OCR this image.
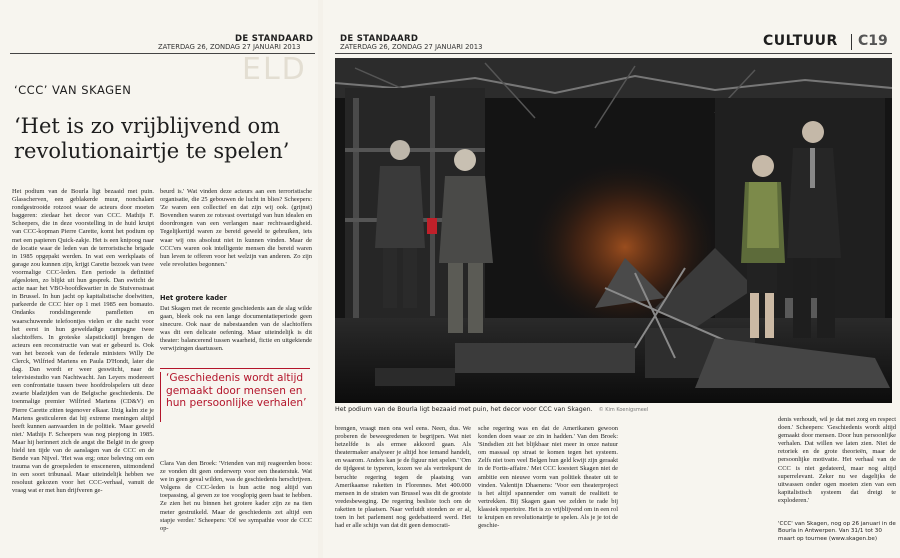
DE STANDAARD
ZATERDAG 26, ZONDAG 27 JANUARI 2013
ELD
‘CCC’ VAN SKAGEN
‘Het is zo vrijblijvend om revolutionairtje te spelen’

Het podium van de Bourla ligt bezaaid met puin. Glasscherven, een geblakerde muur, nonchalant rondgestrooide rotzooi waar de acteurs door moeten baggeren: ziedaar het decor van CCC. Mathijs F. Scheepers, die in deze voorstelling in de huid kruipt van CCC-kopman Pierre Carette, komt het podium op met een papieren Quick-zakje. Het is een knipoog naar de locatie waar de leden van de terroristische brigade in 1985 opgepakt werden. In wat een werkplaats of garage zou kunnen zijn, krijgt Carette bezoek van twee voormalige CCC-leden. Een periode is definitief afgesloten, zo blijkt uit hun gesprek. Dan switcht de actie naar het VBO-hoofdkwartier in de Stuiversstraat in Brussel. In hun jacht op kapitalistische doelwitten, parkeerde de CCC hier op 1 mei 1985 een bomauto. Ondanks rondslingerende pamfletten en waarschuwende telefoontjes vielen er die nacht voor het eerst in hun geweldadige campagne twee slachtoffers. In groteske slapstickstijl brengen de acteurs een reconstructie van wat er gebeurd is. Ook van het bezoek van de federale ministers Willy De Clerck, Wilfried Martens en Paula D'Hondt, later die dag. Dan wordt er weer geswitcht, naar de televisiestudio van Nachtwacht. Jan Leyers modereert een confrontatie tussen twee hoofdrolspelers uit deze zwarte bladzijden van de Belgische geschiedenis. De toenmalige premier Wilfried Martens (CD&V) en Pierre Carette zitten tegenover elkaar. IJzig kalm zie je Martens gesticuleren dat hij extreme meningen altijd heeft kunnen aanvaarden in de politiek. 'Maar geweld niet.' Mathijs F. Scheepers was nog piepjong in 1985. Maar hij herinnert zich de angst die België in de greep hield ten tijde van de aanslagen van de CCC en de Bende van Nijvel. 'Het was erg; onze beleving om een trauma van de groepsleden te ensceneren, uitmondend in een soort tribunaal. Maar uiteindelijk hebben we resoluut gekozen voor het CCC-verhaal, vanuit de vraag wat er met hun drijfveren ge-

beurd is.' Wat vinden deze acteurs aan een terroristische organisatie, die 25 gebouwen de lucht in blies? Scheepers: 'Ze waren een collectief en dat zijn wij ook. (grijnst) Bovendien waren ze rotsvast overtuigd van hun idealen en doordrongen van een verlangen naar rechtvaardigheid. Tegelijkertijd waren ze bereid geweld te gebruiken, iets waar wij ons absoluut niet in kunnen vinden. Maar de CCC'ers waren ook intelligente mensen die bereid waren hun leven te offeren voor het welzijn van anderen. Zo zijn vele revoluties begonnen.'

Het grotere kader

Dat Skagen met de recente geschiedenis aan de slag wilde gaan, bleek ook na een lange documentatieperiode geen sinecure. Ook naar de nabestaanden van de slachtoffers was dit een delicate oefening. Maar uiteindelijk is dit theater: balancerend tussen waarheid, fictie en uitgekiende verwijzingen daartussen.

‘Geschiedenis wordt altijd gemaakt door mensen en hun persoonlijke verhalen’

Clara Van den Broek: 'Vrienden van mij reageerden boos: ze vonden dit geen onderwerp voor een theaterstuk. Wat we in geen geval wilden, was de geschiedenis herschrijven. Volgens de CCC-leden is hun actie nog altijd van toepassing, al geven ze toe vooglopig geen baat te hebben. Ze zien het nu binnen het grotere kader zijn ze na tien meter gestruikeld. Maar de geschiedenis zet altijd een stapje verder.' Scheepers: 'Of we sympathie voor de CCC op-

DE STANDAARD
ZATERDAG 26, ZONDAG 27 JANUARI 2013	CULTUUR C19
Het podium van de Bourla ligt bezaaid met puin, het decor voor CCC van Skagen. © Kim Koenigsmeel

brengen, vraagt men ons wel eens. Neen, dus. We proberen de beweegredenen te begrijpen. Wat niet hetzelfde is als ermee akkoord gaan. Als theatermaker analyseer je altijd hoe iemand handelt, en waarom. Anders kan je de figuur niet spelen.' 'Om de tijdgeest te typeren, kozen we als vertrekpunt de beruchte regering tegen de plaatsing van Amerikaanse raketten in Florennes. Met 400.000 mensen in de straten van Brussel was dit de grootste vredesbeweging. De regering besliste toch om de raketten te plaatsen. Naar verluidt stonden ze er al, toen in het parlement nog gedebatteerd werd. Het had er alle schijn van dat dit geen democrati-

sche regering was en dat de Amerikanen gewoon konden doen waar ze zin in hadden.' Van den Broek: 'Sindsdien zit het blijkbaar niet meer in onze natuur om massaal op straat te komen tegen het systeem. Zelfs niet toen veel Belgen hun geld kwijt zijn geraakt in de Fortis-affaire.' Met CCC koestert Skagen niet de ambitie een nieuwe vorm van politiek theater uit te vinden. Valentijn Dhaenens: 'Voor een theaterproject is het altijd spannender om vanuit de realiteit te vertrekken. Bij Skagen gaan we zelden te rade bij klassiek repertoire. Het is zo vrijblijvend om in een rol te kruipen en revolutionairtje te spelen. Als je je tot de geschie-

denis verhoudt, wil je dat met zorg en respect doen.' Scheepers: 'Geschiedenis wordt altijd gemaakt door mensen. Door hun persoonlijke verhalen. Dat willen we laten zien. Niet de retoriek en de grote theorieën, maar de persoonlijke motivatie. Het verhaal van de CCC is niet gedateerd, maar nog altijd superrelevant. Zeker nu we dagelijks de uitwassen onder ogen moeten zien van een kapitalistisch systeem dat dreigt te exploderen.'

'CCC' van Skagen, nog op 26 januari in de Bourla in Antwerpen. Van 31/1 tot 30 maart op tournee (www.skagen.be)
